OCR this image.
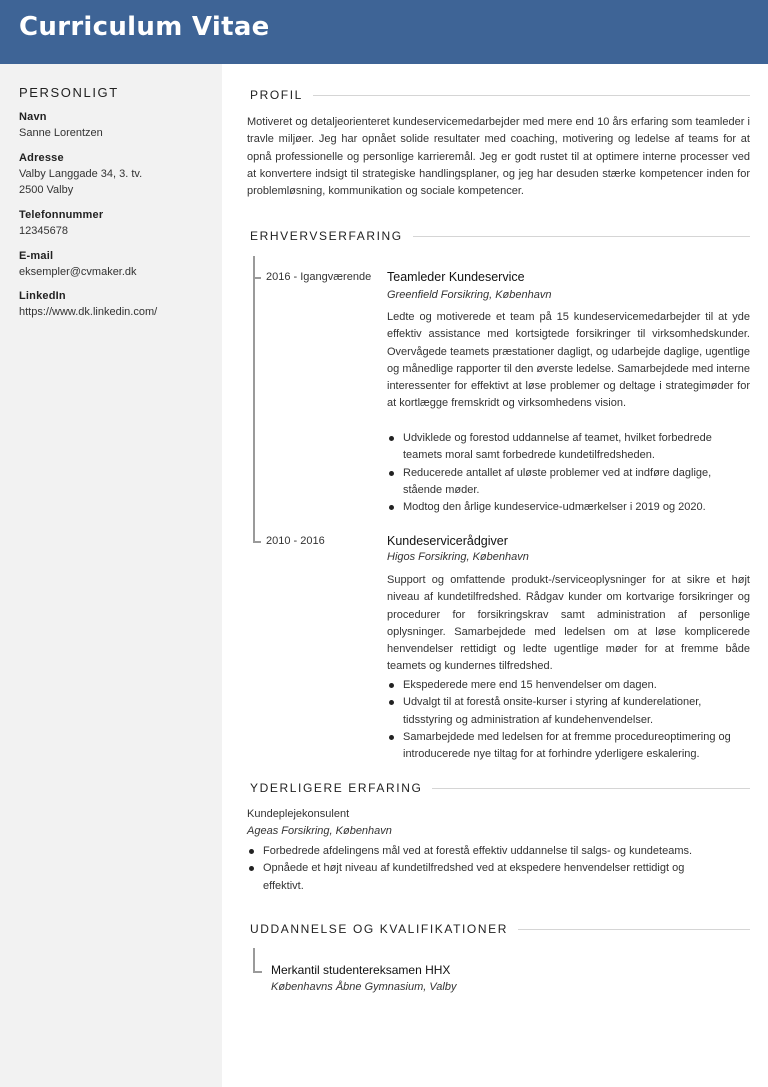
Curriculum Vitae
PERSONLIGT
Navn
Sanne Lorentzen
Adresse
Valby Langgade 34, 3. tv.
2500 Valby
Telefonnummer
12345678
E-mail
eksempler@cvmaker.dk
LinkedIn
https://www.dk.linkedin.com/
PROFIL
Motiveret og detaljeorienteret kundeservicemedarbejder med mere end 10 års erfaring som teamleder i travle miljøer. Jeg har opnået solide resultater med coaching, motivering og ledelse af teams for at opnå professionelle og personlige karrieremål. Jeg er godt rustet til at optimere interne processer ved at konvertere indsigt til strategiske handlingsplaner, og jeg har desuden stærke kompetencer inden for problemløsning, kommunikation og sociale kompetencer.
ERHVERVSERFARING
2016 - Igangværende Teamleder Kundeservice
Greenfield Forsikring, København
Ledte og motiverede et team på 15 kundeservicemedarbejder til at yde effektiv assistance med kortsigtede forsikringer til virksomhedskunder. Overvågede teamets præstationer dagligt, og udarbejde daglige, ugentlige og månedlige rapporter til den øverste ledelse. Samarbejdede med interne interessenter for effektivt at løse problemer og deltage i strategimøder for at kortlægge fremskridt og virksomhedens vision.
Udviklede og forestod uddannelse af teamet, hvilket forbedrede teamets moral samt forbedrede kundetilfredsheden.
Reducerede antallet af uløste problemer ved at indføre daglige, stående møder.
Modtog den årlige kundeservice-udmærkelser i 2019 og 2020.
2010 - 2016	Kundeservicerådgiver
Higos Forsikring, København
Support og omfattende produkt-/serviceoplysninger for at sikre et højt niveau af kundetilfredshed. Rådgav kunder om kortvarige forsikringer og procedurer for forsikringskrav samt administration af personlige oplysninger. Samarbejdede med ledelsen om at løse komplicerede henvendelser rettidigt og ledte ugentlige møder for at fremme både teamets og kundernes tilfredshed.
Ekspederede mere end 15 henvendelser om dagen.
Udvalgt til at forestå onsite-kurser i styring af kunderelationer, tidsstyring og administration af kundehenvendelser.
Samarbejdede med ledelsen for at fremme procedureoptimering og introducerede nye tiltag for at forhindre yderligere eskalering.
YDERLIGERE ERFARING
Kundeplejekonsulent
Ageas Forsikring, København
Forbedrede afdelingens mål ved at forestå effektiv uddannelse til salgs- og kundeteams.
Opnåede et højt niveau af kundetilfredshed ved at ekspedere henvendelser rettidigt og effektivt.
UDDANNELSE OG KVALIFIKATIONER
Merkantil studentereksamen HHX
Københavns Åbne Gymnasium, Valby
